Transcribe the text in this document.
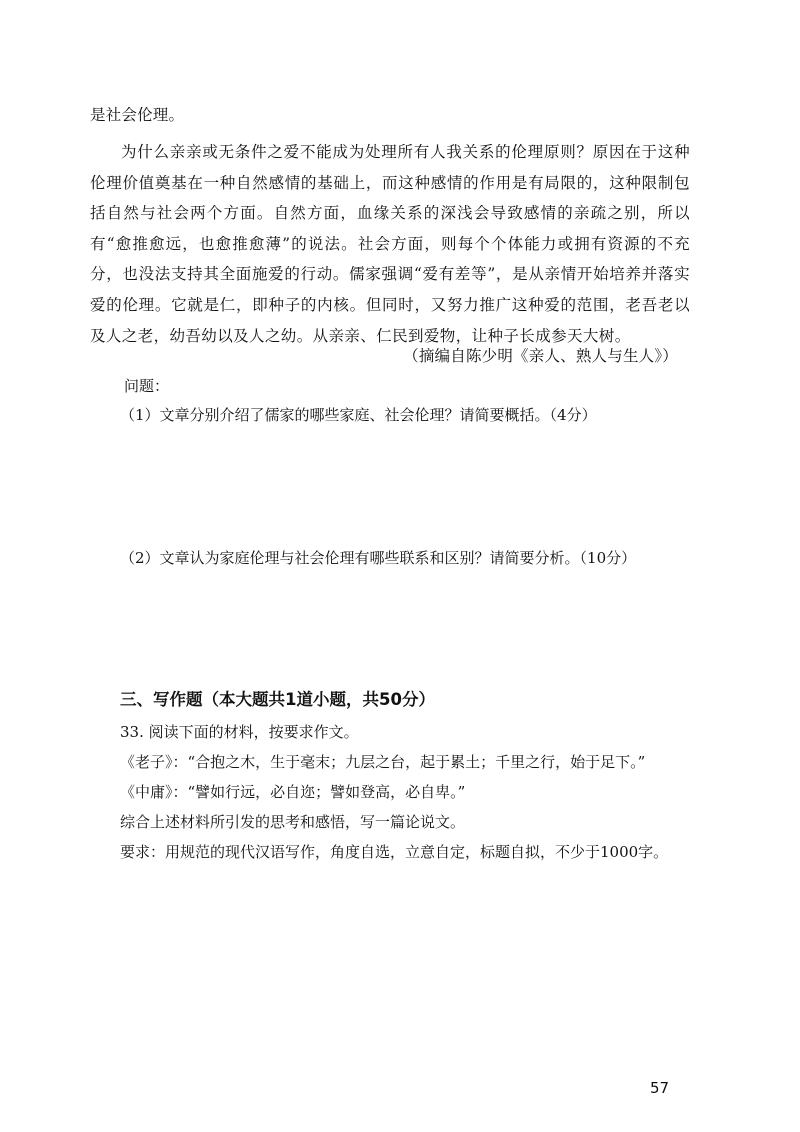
是社会伦理。
为什么亲亲或无条件之爱不能成为处理所有人我关系的伦理原则？原因在于这种伦理价值奠基在一种自然感情的基础上，而这种感情的作用是有局限的，这种限制包括自然与社会两个方面。自然方面，血缘关系的深浅会导致感情的亲疏之别，所以有“愈推愈远，也愈推愈薄”的说法。社会方面，则每个个体能力或拥有资源的不充分，也没法支持其全面施爱的行动。儒家强调“爱有差等”，是从亲情开始培养并落实爱的伦理。它就是仁，即种子的内核。但同时，又努力推广这种爱的范围，老吾老以及人之老，幼吾幼以及人之幼。从亲亲、仁民到爱物，让种子长成参天大树。
（摘编自陈少明《亲人、熟人与生人》）
问题：
（1）文章分别介绍了儒家的哪些家庭、社会伦理？请简要概括。（4分）
（2）文章认为家庭伦理与社会伦理有哪些联系和区别？请简要分析。（10分）
三、写作题（本大题共1道小题，共50分）
33. 阅读下面的材料，按要求作文。
《老子》：“合抱之木，生于毫末；九层之台，起于累土；千里之行，始于足下。”
《中庸》：“譬如行远，必自迩；譬如登高，必自卑。”
综合上述材料所引发的思考和感悟，写一篇论说文。
要求：用规范的现代汉语写作，角度自选，立意自定，标题自拟，不少于1000字。
57
